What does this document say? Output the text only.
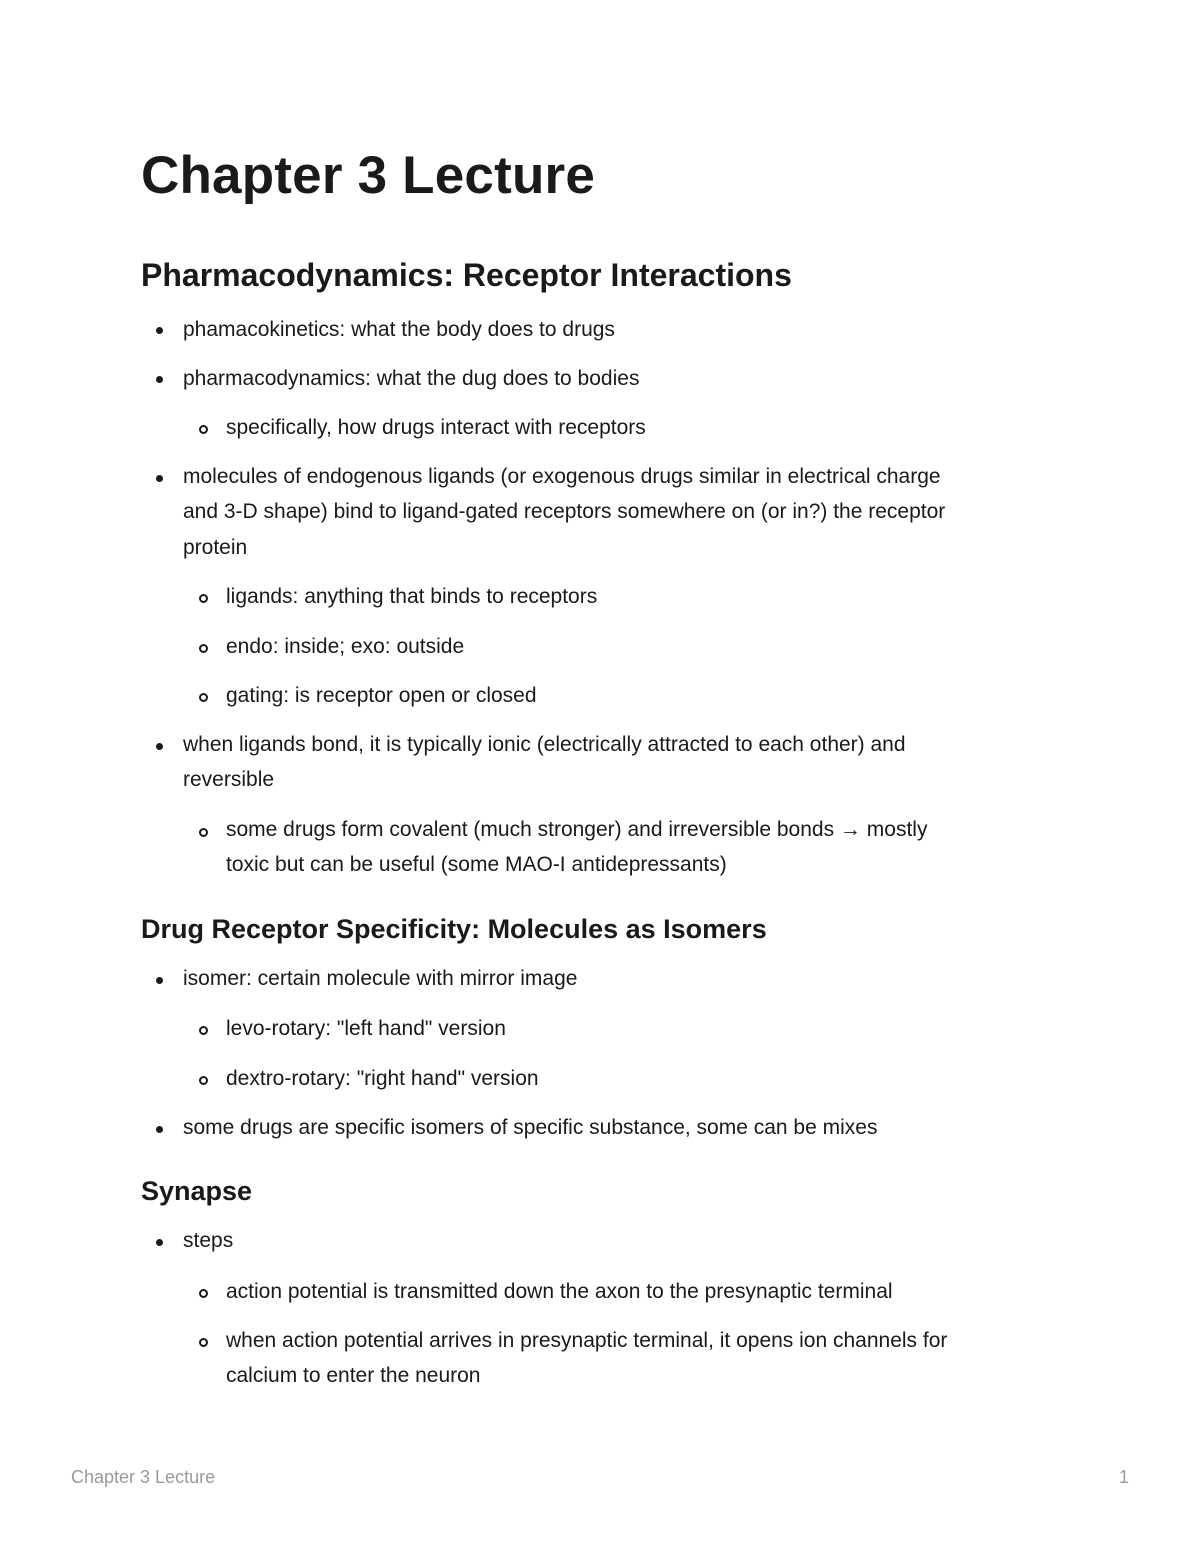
Chapter 3 Lecture
Pharmacodynamics: Receptor Interactions
phamacokinetics: what the body does to drugs
pharmacodynamics: what the dug does to bodies
specifically, how drugs interact with receptors
molecules of endogenous ligands (or exogenous drugs similar in electrical charge
and 3-D shape) bind to ligand-gated receptors somewhere on (or in?) the receptor
protein
ligands: anything that binds to receptors
endo: inside; exo: outside
gating: is receptor open or closed
when ligands bond, it is typically ionic (electrically attracted to each other) and
reversible
some drugs form covalent (much stronger) and irreversible bonds → mostly
toxic but can be useful (some MAO-I antidepressants)
Drug Receptor Specificity: Molecules as Isomers
isomer: certain molecule with mirror image
levo-rotary: "left hand" version
dextro-rotary: "right hand" version
some drugs are specific isomers of specific substance, some can be mixes
Synapse
steps
action potential is transmitted down the axon to the presynaptic terminal
when action potential arrives in presynaptic terminal, it opens ion channels for
calcium to enter the neuron
Chapter 3 Lecture	1
